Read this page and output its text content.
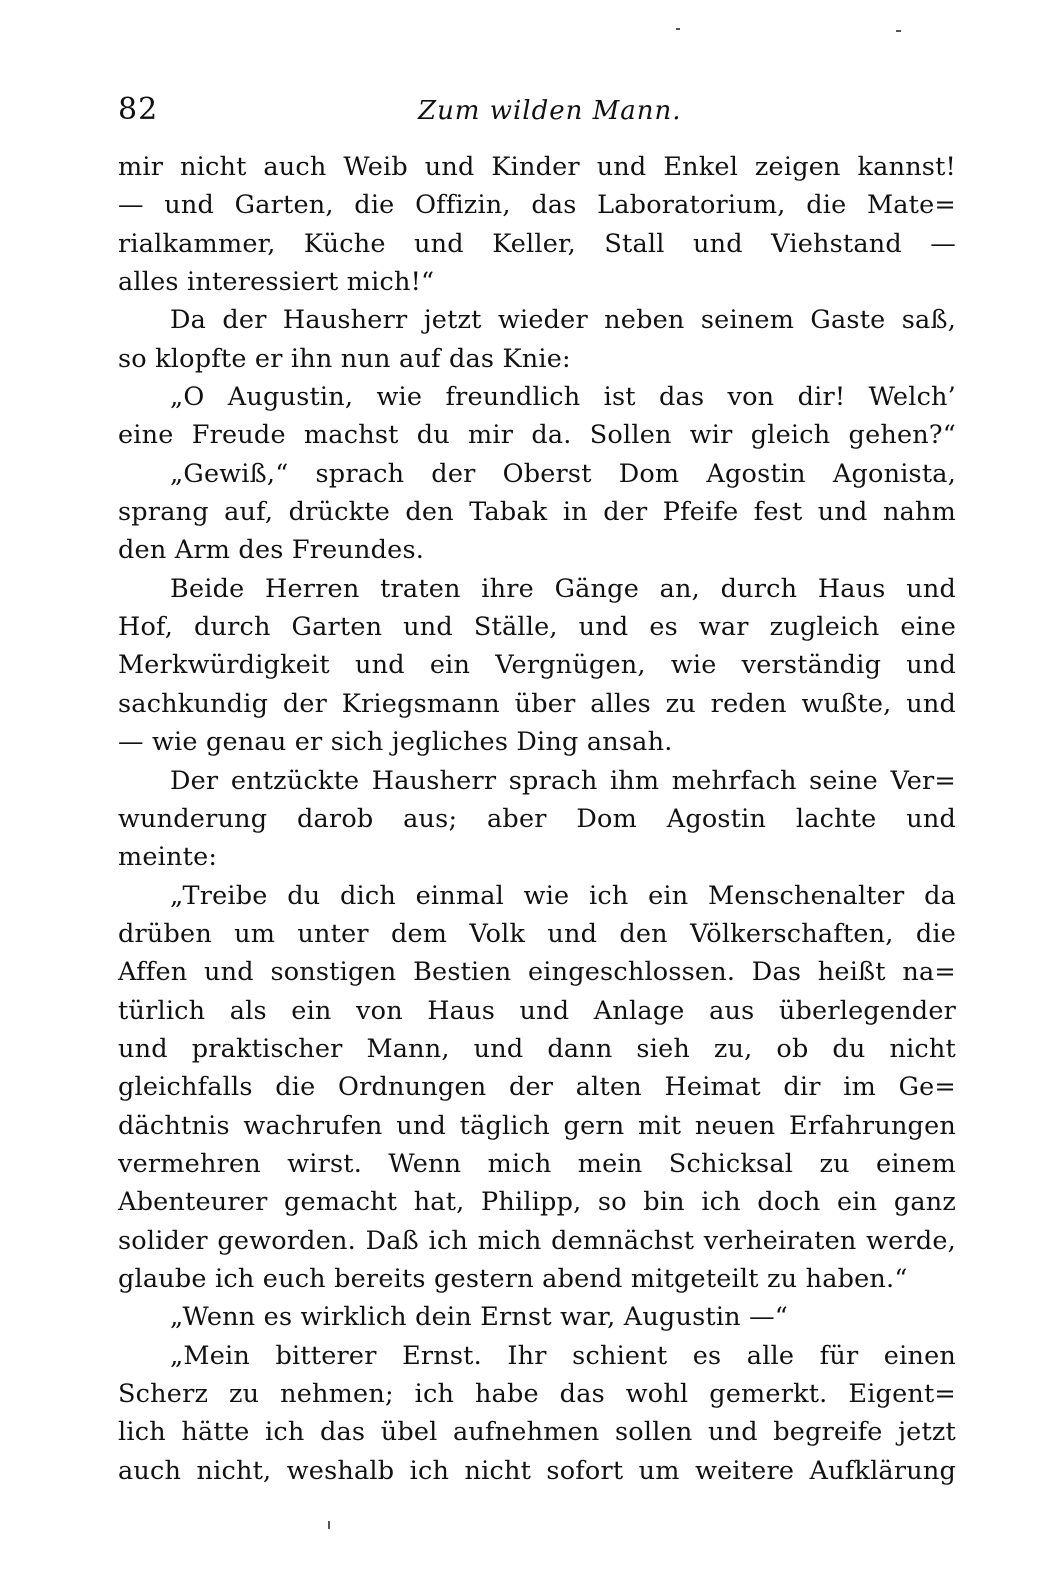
82	Zum wilden Mann.
mir nicht auch Weib und Kinder und Enkel zeigen kannst!
— und Garten, die Offizin, das Laboratorium, die Mate=
rialkammer, Küche und Keller, Stall und Viehstand —
alles interessiert mich!“
Da der Hausherr jetzt wieder neben seinem Gaste saß,
so klopfte er ihn nun auf das Knie:
„O Augustin, wie freundlich ist das von dir! Welch’
eine Freude machst du mir da. Sollen wir gleich gehen?“
„Gewiß,“ sprach der Oberst Dom Agostin Agonista,
sprang auf, drückte den Tabak in der Pfeife fest und nahm
den Arm des Freundes.
Beide Herren traten ihre Gänge an, durch Haus und
Hof, durch Garten und Ställe, und es war zugleich eine
Merkwürdigkeit und ein Vergnügen, wie verständig und
sachkundig der Kriegsmann über alles zu reden wußte, und
— wie genau er sich jegliches Ding ansah.
Der entzückte Hausherr sprach ihm mehrfach seine Ver=
wunderung darob aus; aber Dom Agostin lachte und
meinte:
„Treibe du dich einmal wie ich ein Menschenalter da
drüben um unter dem Volk und den Völkerschaften, die
Affen und sonstigen Bestien eingeschlossen. Das heißt na=
türlich als ein von Haus und Anlage aus überlegender
und praktischer Mann, und dann sieh zu, ob du nicht
gleichfalls die Ordnungen der alten Heimat dir im Ge=
dächtnis wachrufen und täglich gern mit neuen Erfahrungen
vermehren wirst. Wenn mich mein Schicksal zu einem
Abenteurer gemacht hat, Philipp, so bin ich doch ein ganz
solider geworden. Daß ich mich demnächst verheiraten werde,
glaube ich euch bereits gestern abend mitgeteilt zu haben.“
„Wenn es wirklich dein Ernst war, Augustin —“
„Mein bitterer Ernst. Ihr schient es alle für einen
Scherz zu nehmen; ich habe das wohl gemerkt. Eigent=
lich hätte ich das übel aufnehmen sollen und begreife jetzt
auch nicht, weshalb ich nicht sofort um weitere Aufklärung
